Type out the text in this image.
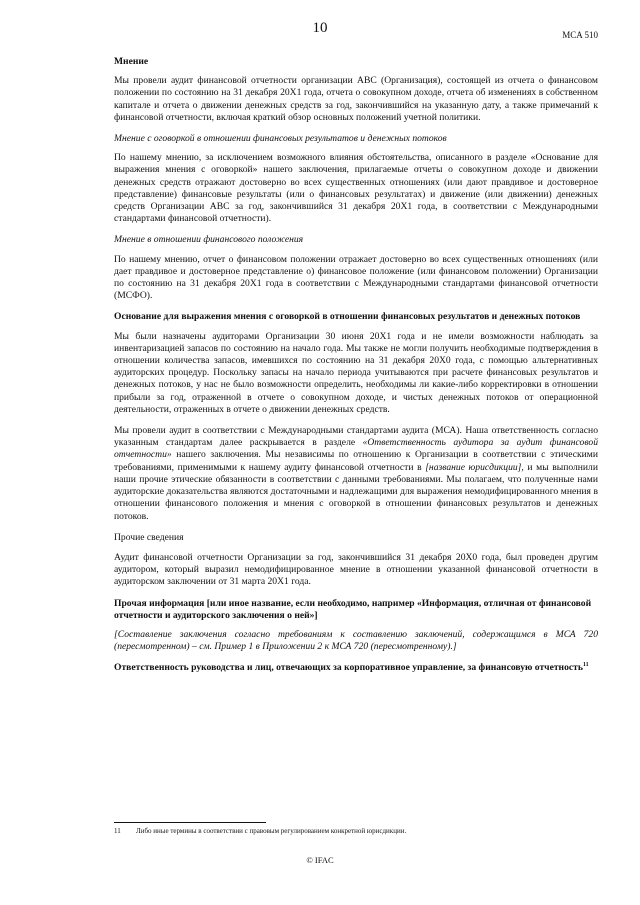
10	MCA 510
Мнение

Мы провели аудит финансовой отчетности организации ABC (Организация), состоящей из отчета о финансовом положении по состоянию на 31 декабря 20X1 года, отчета о совокупном доходе, отчета об изменениях в собственном капитале и отчета о движении денежных средств за год, закончившийся на указанную дату, а также примечаний к финансовой отчетности, включая краткий обзор основных положений учетной политики.

Мнение с оговоркой в отношении финансовых результатов и денежных потоков

По нашему мнению, за исключением возможного влияния обстоятельства, описанного в разделе «Основание для выражения мнения с оговоркой» нашего заключения, прилагаемые отчеты о совокупном доходе и движении денежных средств отражают достоверно во всех существенных отношениях (или дают правдивое и достоверное представление) финансовые результаты (или о финансовых результатах) и движение (или движении) денежных средств Организации ABC за год, закончившийся 31 декабря 20X1 года, в соответствии с Международными стандартами финансовой отчетности).

Мнение в отношении финансового положения

По нашему мнению, отчет о финансовом положении отражает достоверно во всех существенных отношениях (или дает правдивое и достоверное представление о) финансовое положение (или финансовом положении) Организации по состоянию на 31 декабря 20X1 года в соответствии с Международными стандартами финансовой отчетности (МСФО).

Основание для выражения мнения с оговоркой в отношении финансовых результатов и денежных потоков

Мы были назначены аудиторами Организации 30 июня 20X1 года и не имели возможности наблюдать за инвентаризацией запасов по состоянию на начало года. Мы также не могли получить необходимые подтверждения в отношении количества запасов, имевшихся по состоянию на 31 декабря 20X0 года, с помощью альтернативных аудиторских процедур. Поскольку запасы на начало периода учитываются при расчете финансовых результатов и денежных потоков, у нас не было возможности определить, необходимы ли какие-либо корректировки в отношении прибыли за год, отраженной в отчете о совокупном доходе, и чистых денежных потоков от операционной деятельности, отраженных в отчете о движении денежных средств.

Мы провели аудит в соответствии с Международными стандартами аудита (МСА). Наша ответственность согласно указанным стандартам далее раскрывается в разделе «Ответственность аудитора за аудит финансовой отчетности» нашего заключения. Мы независимы по отношению к Организации в соответствии с этическими требованиями, применимыми к нашему аудиту финансовой отчетности в [название юрисдикции], и мы выполнили наши прочие этические обязанности в соответствии с данными требованиями. Мы полагаем, что полученные нами аудиторские доказательства являются достаточными и надлежащими для выражения немодифицированного мнения в отношении финансового положения и мнения с оговоркой в отношении финансовых результатов и денежных потоков.

Прочие сведения

Аудит финансовой отчетности Организации за год, закончившийся 31 декабря 20X0 года, был проведен другим аудитором, который выразил немодифицированное мнение в отношении указанной финансовой отчетности в аудиторском заключении от 31 марта 20X1 года.

Прочая информация [или иное название, если необходимо, например «Информация, отличная от финансовой отчетности и аудиторского заключения о ней»]

[Составление заключения согласно требованиям к составлению заключений, содержащимся в МСА 720 (пересмотренном) – см. Пример 1 в Приложении 2 к МСА 720 (пересмотренному).]

Ответственность руководства и лиц, отвечающих за корпоративное управление, за финансовую отчетность$^{11}$
11 Либо иные термины в соответствии с правовым регулированием конкретной юрисдикции.
© IFAC
